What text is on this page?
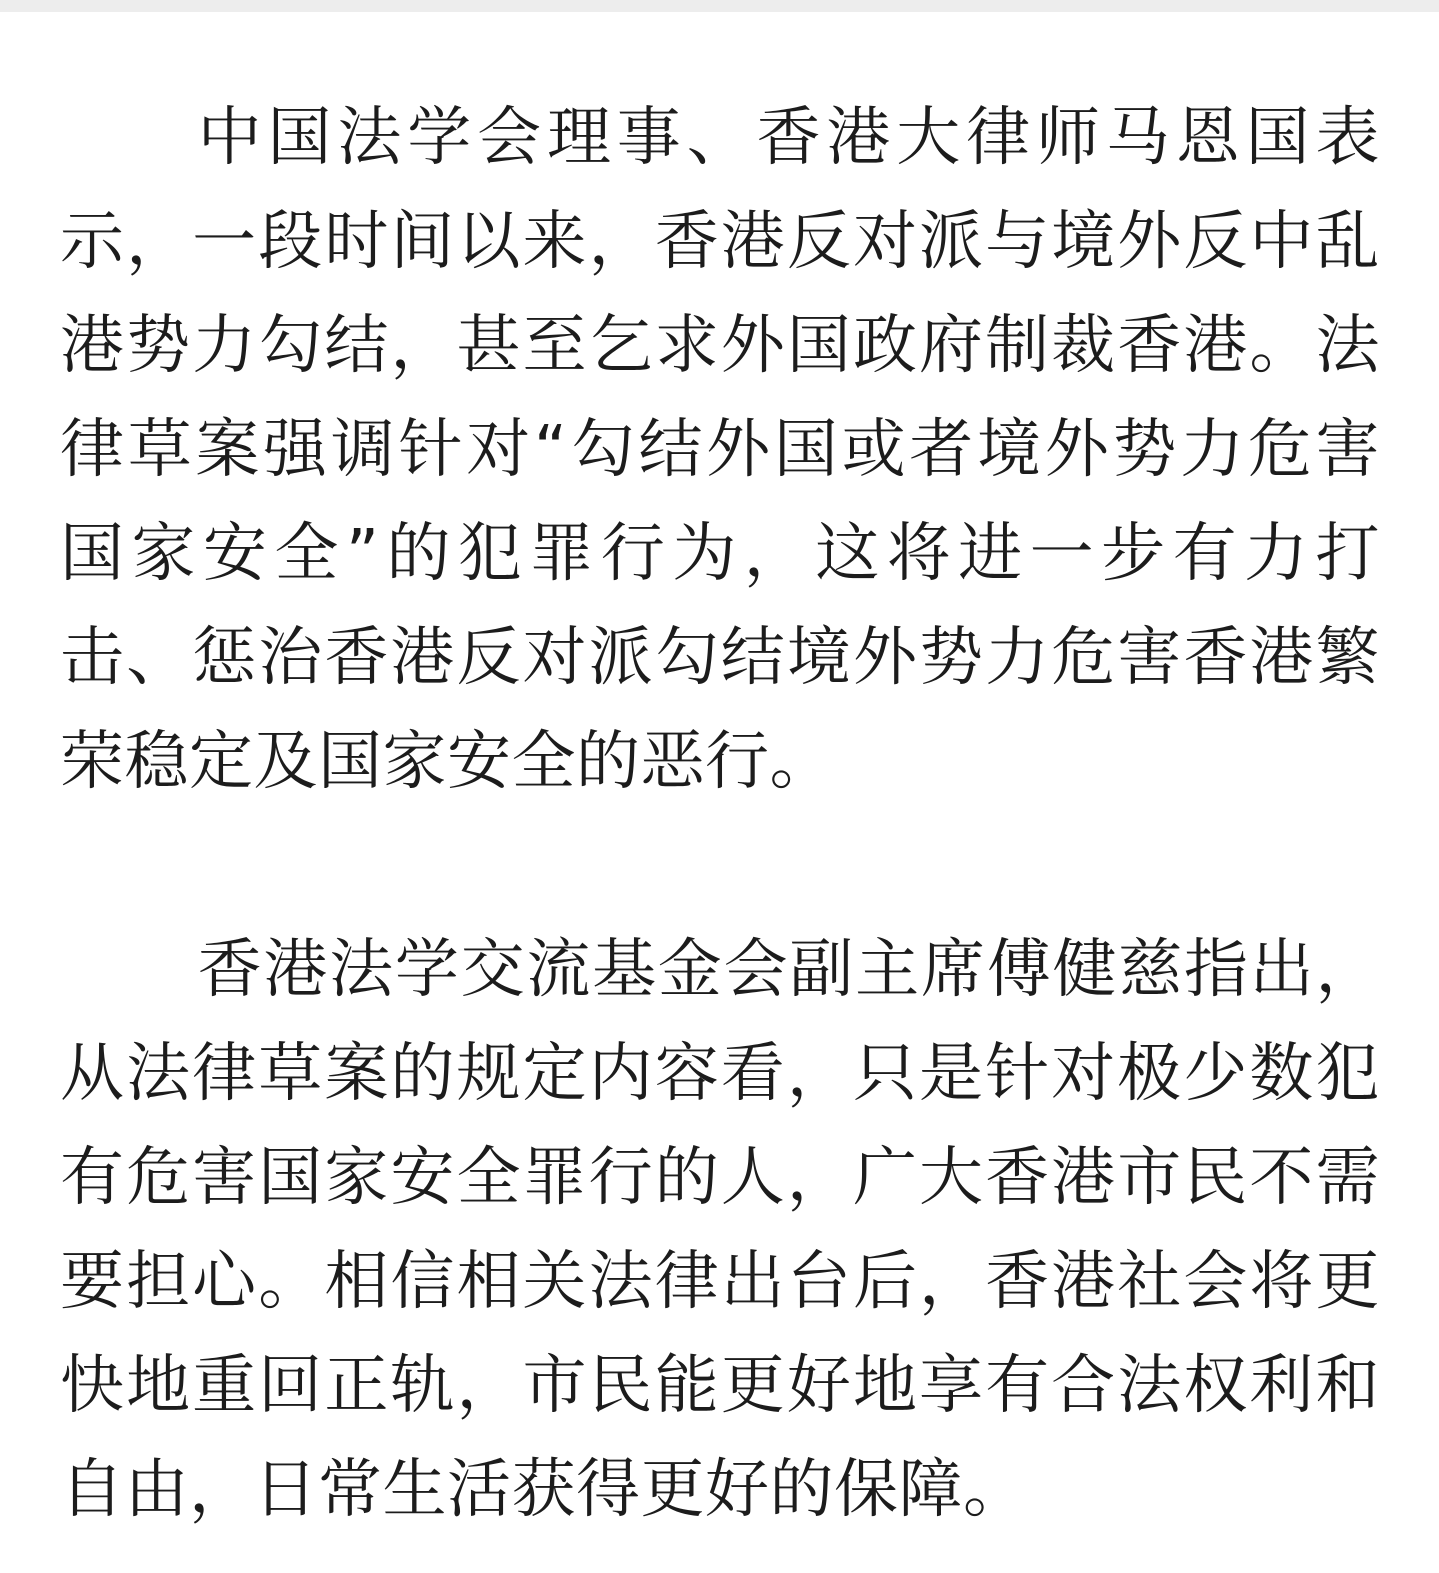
中国法学会理事、香港大律师马恩国表示，一段时间以来，香港反对派与境外反中乱港势力勾结，甚至乞求外国政府制裁香港。法律草案强调针对“勾结外国或者境外势力危害国家安全”的犯罪行为，这将进一步有力打击、惩治香港反对派勾结境外势力危害香港繁荣稳定及国家安全的恶行。

香港法学交流基金会副主席傅健慈指出，从法律草案的规定内容看，只是针对极少数犯有危害国家安全罪行的人，广大香港市民不需要担心。相信相关法律出台后，香港社会将更快地重回正轨，市民能更好地享有合法权利和自由，日常生活获得更好的保障。
